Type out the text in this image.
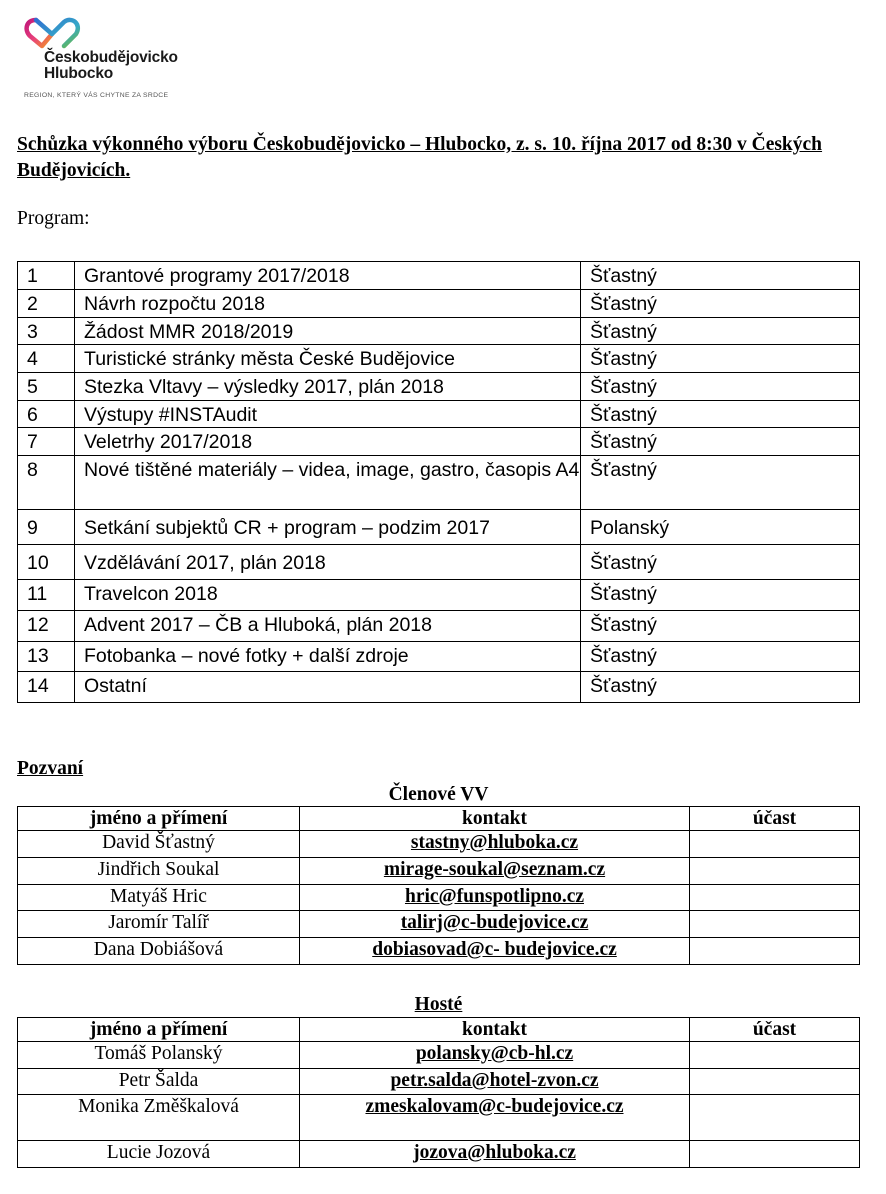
Českobudějovicko
Hlubocko
REGION, KTERÝ VÁS CHYTNE ZA SRDCE
Schůzka výkonného výboru Českobudějovicko – Hlubocko, z. s. 10. října 2017 od 8:30 v Českých Budějovicích.
Program:
1	Grantové programy 2017/2018	Šťastný
2	Návrh rozpočtu 2018	Šťastný
3	Žádost MMR 2018/2019	Šťastný
4	Turistické stránky města České Budějovice	Šťastný
5	Stezka Vltavy – výsledky 2017, plán 2018	Šťastný
6	Výstupy #INSTAudit	Šťastný
7	Veletrhy 2017/2018	Šťastný
8	Nové tištěné materiály – videa, image, gastro, časopis A4	Šťastný
9	Setkání subjektů CR + program – podzim 2017	Polanský
10	Vzdělávání 2017, plán 2018	Šťastný
11	Travelcon 2018	Šťastný
12	Advent 2017 – ČB a Hluboká, plán 2018	Šťastný
13	Fotobanka – nové fotky + další zdroje	Šťastný
14	Ostatní	Šťastný
Pozvaní
Členové VV
jméno a přímení	kontakt	účast
David Šťastný	stastny@hluboka.cz	
Jindřich Soukal	mirage-soukal@seznam.cz	
Matyáš Hric	hric@funspotlipno.cz	
Jaromír Talíř	talirj@c-budejovice.cz	
Dana Dobiášová	dobiasovad@c- budejovice.cz	
Hosté
jméno a přímení	kontakt	účast
Tomáš Polanský	polansky@cb-hl.cz	
Petr Šalda	petr.salda@hotel-zvon.cz	
Monika Změškalová	zmeskalovam@c-budejovice.cz	
Lucie Jozová	jozova@hluboka.cz	
